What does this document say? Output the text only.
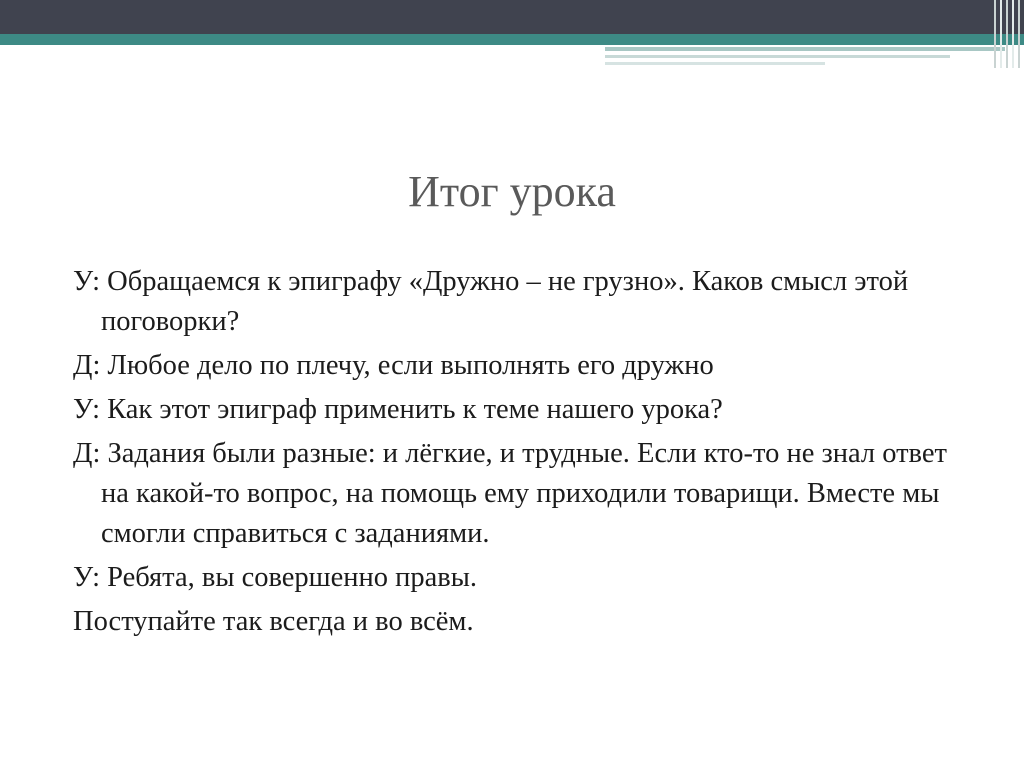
Итог урока

У: Обращаемся к эпиграфу «Дружно – не грузно». Каков смысл этой поговорки?

Д: Любое дело по плечу, если выполнять его дружно

У: Как этот эпиграф применить к теме нашего урока?

Д: Задания были разные: и лёгкие, и трудные. Если кто-то не знал ответ на какой-то вопрос, на помощь ему приходили товарищи. Вместе мы смогли справиться с заданиями.

У: Ребята, вы совершенно правы.

Поступайте так всегда и во всём.
